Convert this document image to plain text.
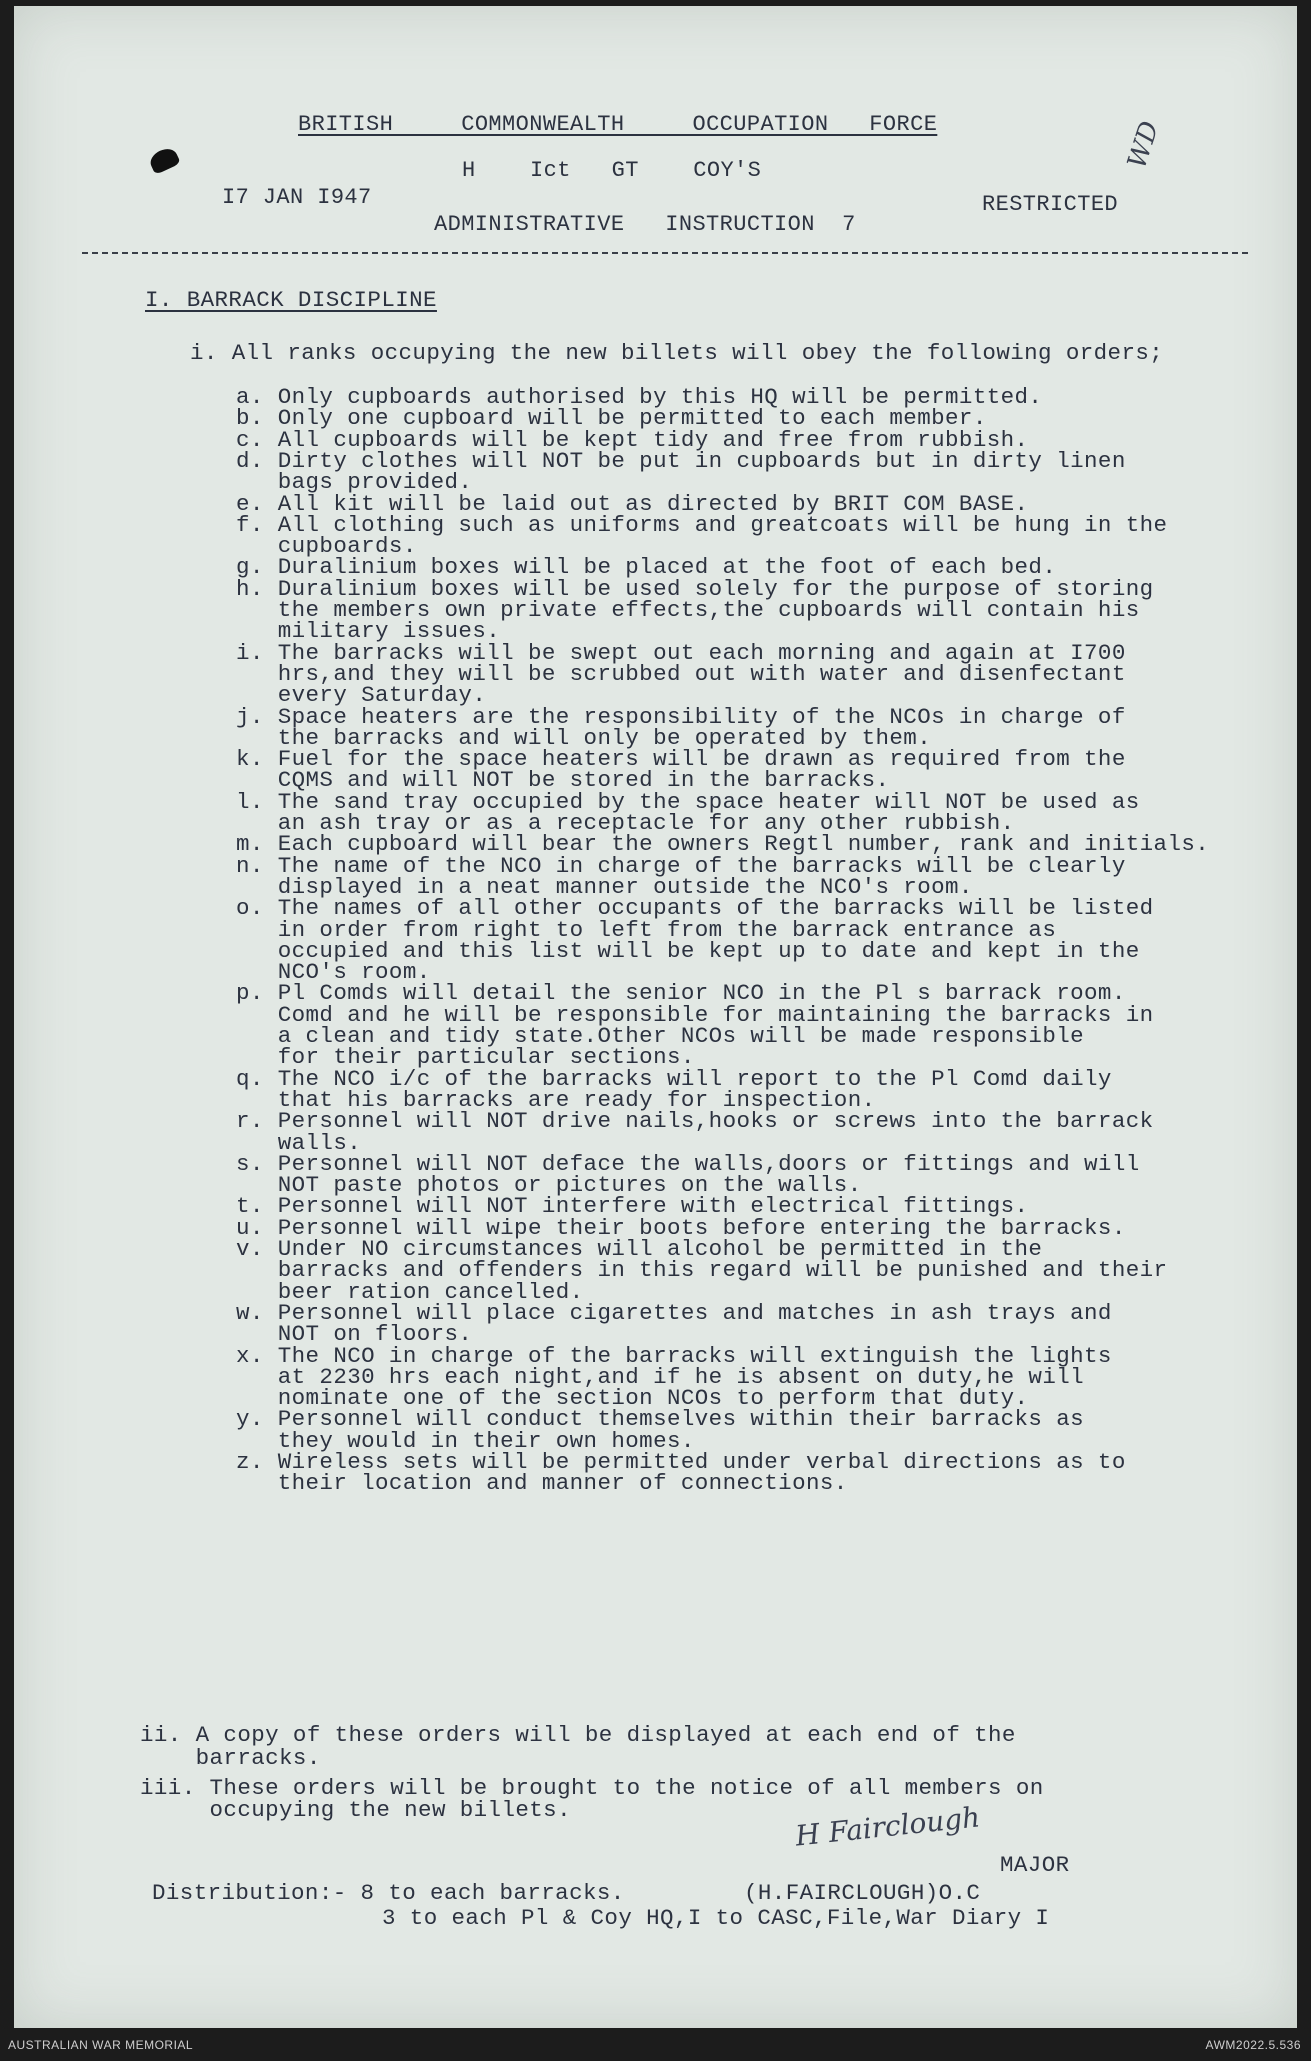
WD
BRITISH     COMMONWEALTH     OCCUPATION   FORCE
H    Ict   GT    COY'S
I7 JAN I947	RESTRICTED
ADMINISTRATIVE   INSTRUCTION  7
I. BARRACK DISCIPLINE
i. All ranks occupying the new billets will obey the following orders;
a. Only cupboards authorised by this HQ will be permitted.
b. Only one cupboard will be permitted to each member.
c. All cupboards will be kept tidy and free from rubbish.
d. Dirty clothes will NOT be put in cupboards but in dirty linen
bags provided.
e. All kit will be laid out as directed by BRIT COM BASE.
f. All clothing such as uniforms and greatcoats will be hung in the
cupboards.
g. Duralinium boxes will be placed at the foot of each bed.
h. Duralinium boxes will be used solely for the purpose of storing
the members own private effects,the cupboards will contain his
military issues.
i. The barracks will be swept out each morning and again at I700
hrs,and they will be scrubbed out with water and disenfectant
every Saturday.
j. Space heaters are the responsibility of the NCOs in charge of
the barracks and will only be operated by them.
k. Fuel for the space heaters will be drawn as required from the
CQMS and will NOT be stored in the barracks.
l. The sand tray occupied by the space heater will NOT be used as
an ash tray or as a receptacle for any other rubbish.
m. Each cupboard will bear the owners Regtl number, rank and initials.
n. The name of the NCO in charge of the barracks will be clearly
displayed in a neat manner outside the NCO's room.
o. The names of all other occupants of the barracks will be listed
in order from right to left from the barrack entrance as
occupied and this list will be kept up to date and kept in the
NCO's room.
p. Pl Comds will detail the senior NCO in the Pl s barrack room.
Comd and he will be responsible for maintaining the barracks in
a clean and tidy state.Other NCOs will be made responsible
for their particular sections.
q. The NCO i/c of the barracks will report to the Pl Comd daily
that his barracks are ready for inspection.
r. Personnel will NOT drive nails,hooks or screws into the barrack
walls.
s. Personnel will NOT deface the walls,doors or fittings and will
NOT paste photos or pictures on the walls.
t. Personnel will NOT interfere with electrical fittings.
u. Personnel will wipe their boots before entering the barracks.
v. Under NO circumstances will alcohol be permitted in the
barracks and offenders in this regard will be punished and their
beer ration cancelled.
w. Personnel will place cigarettes and matches in ash trays and
NOT on floors.
x. The NCO in charge of the barracks will extinguish the lights
at 2230 hrs each night,and if he is absent on duty,he will
nominate one of the section NCOs to perform that duty.
y. Personnel will conduct themselves within their barracks as
they would in their own homes.
z. Wireless sets will be permitted under verbal directions as to
their location and manner of connections.
ii. A copy of these orders will be displayed at each end of the
barracks.
iii. These orders will be brought to the notice of all members on
occupying the new billets.	H Fairclough
MAJOR
(H.FAIRCLOUGH)O.C
Distribution:- 8 to each barracks.
3 to each Pl & Coy HQ,I to CASC,File,War Diary I
AUSTRALIAN WAR MEMORIAL	AWM2022.5.536
